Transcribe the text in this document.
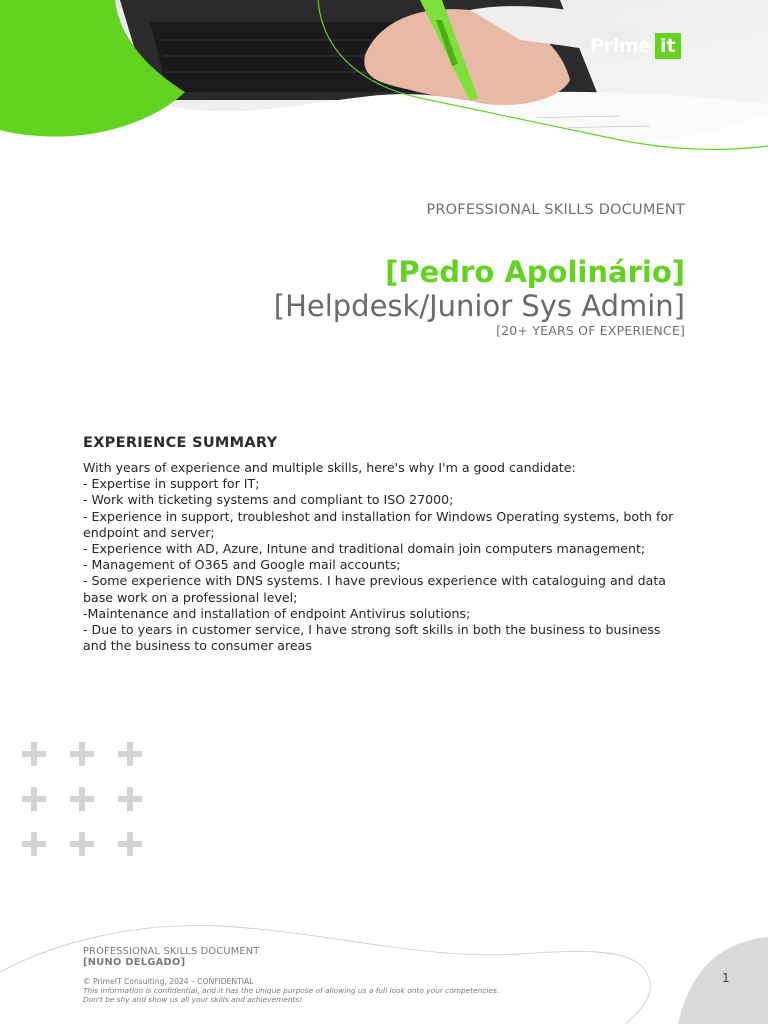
Prime it
PROFESSIONAL SKILLS DOCUMENT
[Pedro Apolinário]
[Helpdesk/Junior Sys Admin]
[20+ YEARS OF EXPERIENCE]
EXPERIENCE SUMMARY
With years of experience and multiple skills, here's why I'm a good candidate:
- Expertise in support for IT;
- Work with ticketing systems and compliant to ISO 27000;
- Experience in support, troubleshot and installation for Windows Operating systems, both for endpoint and server;
- Experience with AD, Azure, Intune and traditional domain join computers management;
- Management of O365 and Google mail accounts;
- Some experience with DNS systems. I have previous experience with cataloguing and data base work on a professional level;
-Maintenance and installation of endpoint Antivirus solutions;
- Due to years in customer service, I have strong soft skills in both the business to business and the business to consumer areas
PROFESSIONAL SKILLS DOCUMENT
[NUNO DELGADO]
© PrimeIT Consulting, 2024 – CONFIDENTIAL
This information is confidential, and it has the unique purpose of allowing us a full look onto your competencies. Don't be shy and show us all your skills and achievements!
1
